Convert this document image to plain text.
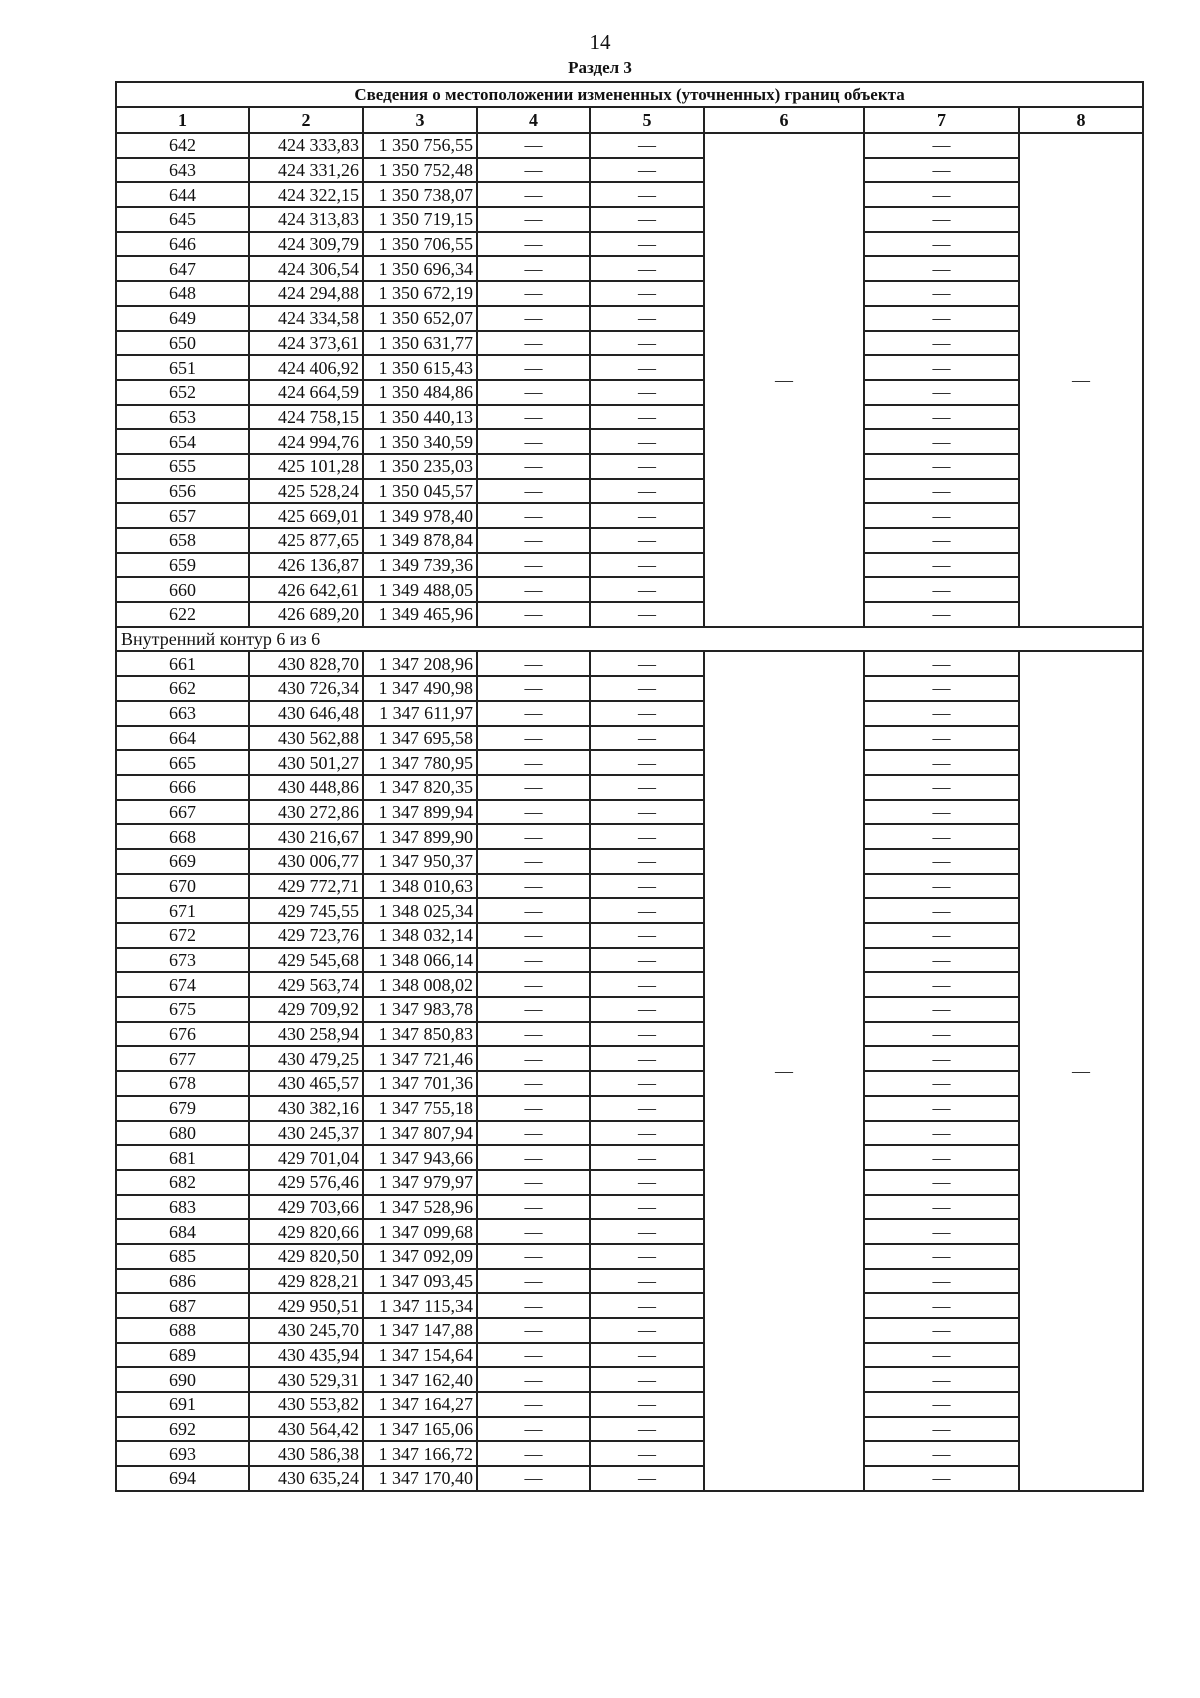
14
Раздел 3
Сведения о местоположении измененных (уточненных) границ объекта							
1	2	3	4	5	6	7	8
642	424 333,83	1 350 756,55	—	—	—	—	—
643	424 331,26	1 350 752,48	—	—		—	
644	424 322,15	1 350 738,07	—	—		—	
645	424 313,83	1 350 719,15	—	—		—	
646	424 309,79	1 350 706,55	—	—		—	
647	424 306,54	1 350 696,34	—	—		—	
648	424 294,88	1 350 672,19	—	—		—	
649	424 334,58	1 350 652,07	—	—		—	
650	424 373,61	1 350 631,77	—	—		—	
651	424 406,92	1 350 615,43	—	—		—	
652	424 664,59	1 350 484,86	—	—		—	
653	424 758,15	1 350 440,13	—	—		—	
654	424 994,76	1 350 340,59	—	—		—	
655	425 101,28	1 350 235,03	—	—		—	
656	425 528,24	1 350 045,57	—	—		—	
657	425 669,01	1 349 978,40	—	—		—	
658	425 877,65	1 349 878,84	—	—		—	
659	426 136,87	1 349 739,36	—	—		—	
660	426 642,61	1 349 488,05	—	—		—	
622	426 689,20	1 349 465,96	—	—		—	
Внутренний контур 6 из 6							
661	430 828,70	1 347 208,96	—	—	—	—	—
662	430 726,34	1 347 490,98	—	—		—	
663	430 646,48	1 347 611,97	—	—		—	
664	430 562,88	1 347 695,58	—	—		—	
665	430 501,27	1 347 780,95	—	—		—	
666	430 448,86	1 347 820,35	—	—		—	
667	430 272,86	1 347 899,94	—	—		—	
668	430 216,67	1 347 899,90	—	—		—	
669	430 006,77	1 347 950,37	—	—		—	
670	429 772,71	1 348 010,63	—	—		—	
671	429 745,55	1 348 025,34	—	—		—	
672	429 723,76	1 348 032,14	—	—		—	
673	429 545,68	1 348 066,14	—	—		—	
674	429 563,74	1 348 008,02	—	—		—	
675	429 709,92	1 347 983,78	—	—		—	
676	430 258,94	1 347 850,83	—	—		—	
677	430 479,25	1 347 721,46	—	—		—	
678	430 465,57	1 347 701,36	—	—		—	
679	430 382,16	1 347 755,18	—	—		—	
680	430 245,37	1 347 807,94	—	—		—	
681	429 701,04	1 347 943,66	—	—		—	
682	429 576,46	1 347 979,97	—	—		—	
683	429 703,66	1 347 528,96	—	—		—	
684	429 820,66	1 347 099,68	—	—		—	
685	429 820,50	1 347 092,09	—	—		—	
686	429 828,21	1 347 093,45	—	—		—	
687	429 950,51	1 347 115,34	—	—		—	
688	430 245,70	1 347 147,88	—	—		—	
689	430 435,94	1 347 154,64	—	—		—	
690	430 529,31	1 347 162,40	—	—		—	
691	430 553,82	1 347 164,27	—	—		—	
692	430 564,42	1 347 165,06	—	—		—	
693	430 586,38	1 347 166,72	—	—		—	
694	430 635,24	1 347 170,40	—	—		—	
